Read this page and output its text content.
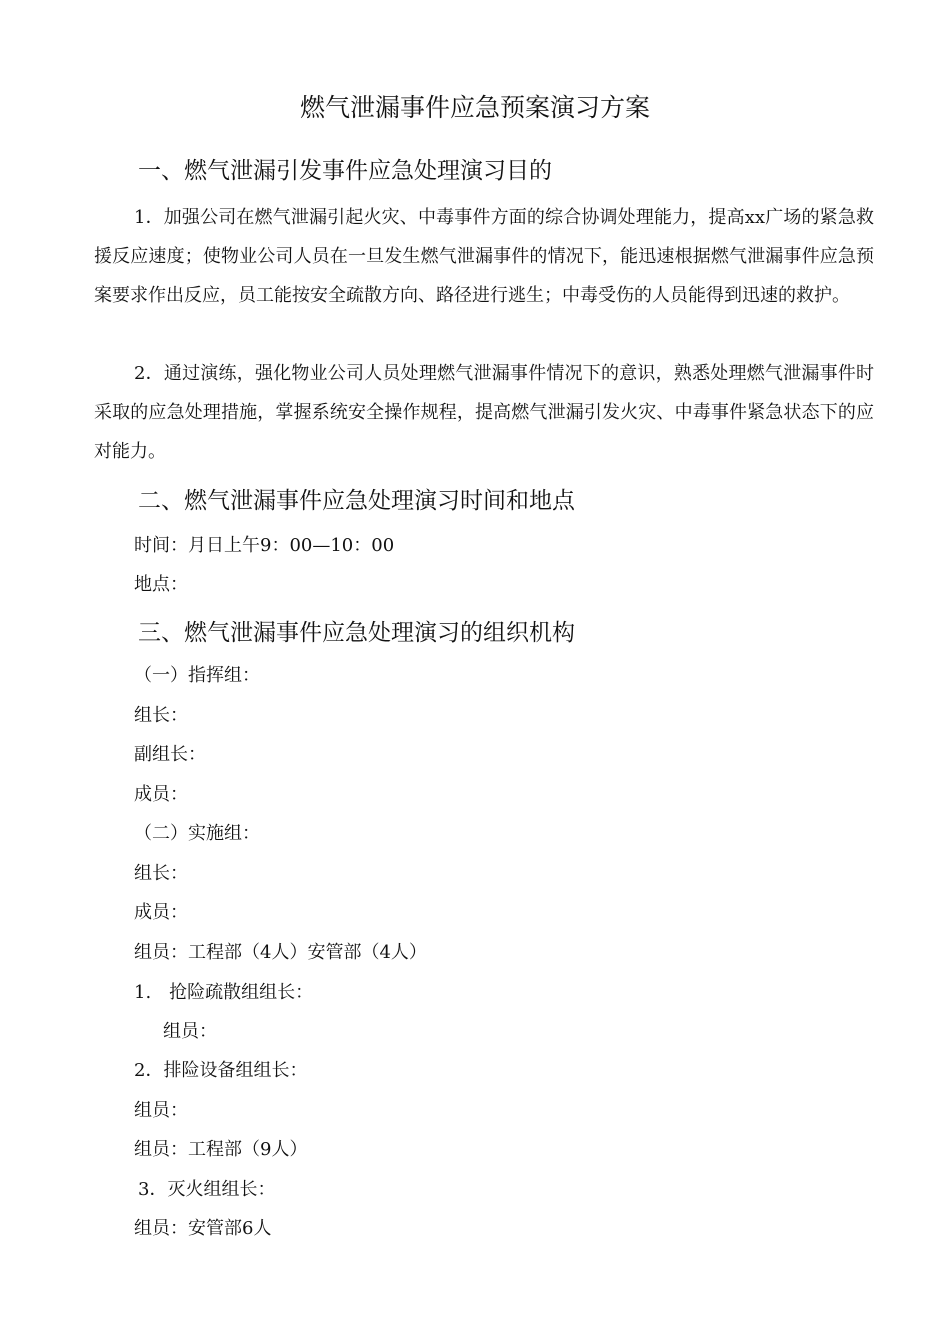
燃气泄漏事件应急预案演习方案
一、燃气泄漏引发事件应急处理演习目的
1．加强公司在燃气泄漏引起火灾、中毒事件方面的综合协调处理能力，提高xx广场的紧急救援反应速度；使物业公司人员在一旦发生燃气泄漏事件的情况下，能迅速根据燃气泄漏事件应急预案要求作出反应，员工能按安全疏散方向、路径进行逃生；中毒受伤的人员能得到迅速的救护。
2．通过演练，强化物业公司人员处理燃气泄漏事件情况下的意识，熟悉处理燃气泄漏事件时采取的应急处理措施，掌握系统安全操作规程，提高燃气泄漏引发火灾、中毒事件紧急状态下的应对能力。
二、燃气泄漏事件应急处理演习时间和地点
时间：月日上午9：00—10：00
地点：
三、燃气泄漏事件应急处理演习的组织机构
（一）指挥组：
组长：
副组长：
成员：
（二）实施组：
组长：
成员：
组员：工程部（4人）安管部（4人）
1.　抢险疏散组组长：
组员：
2．排险设备组组长：
组员：
组员：工程部（9人）
3．灭火组组长：
组员：安管部6人
